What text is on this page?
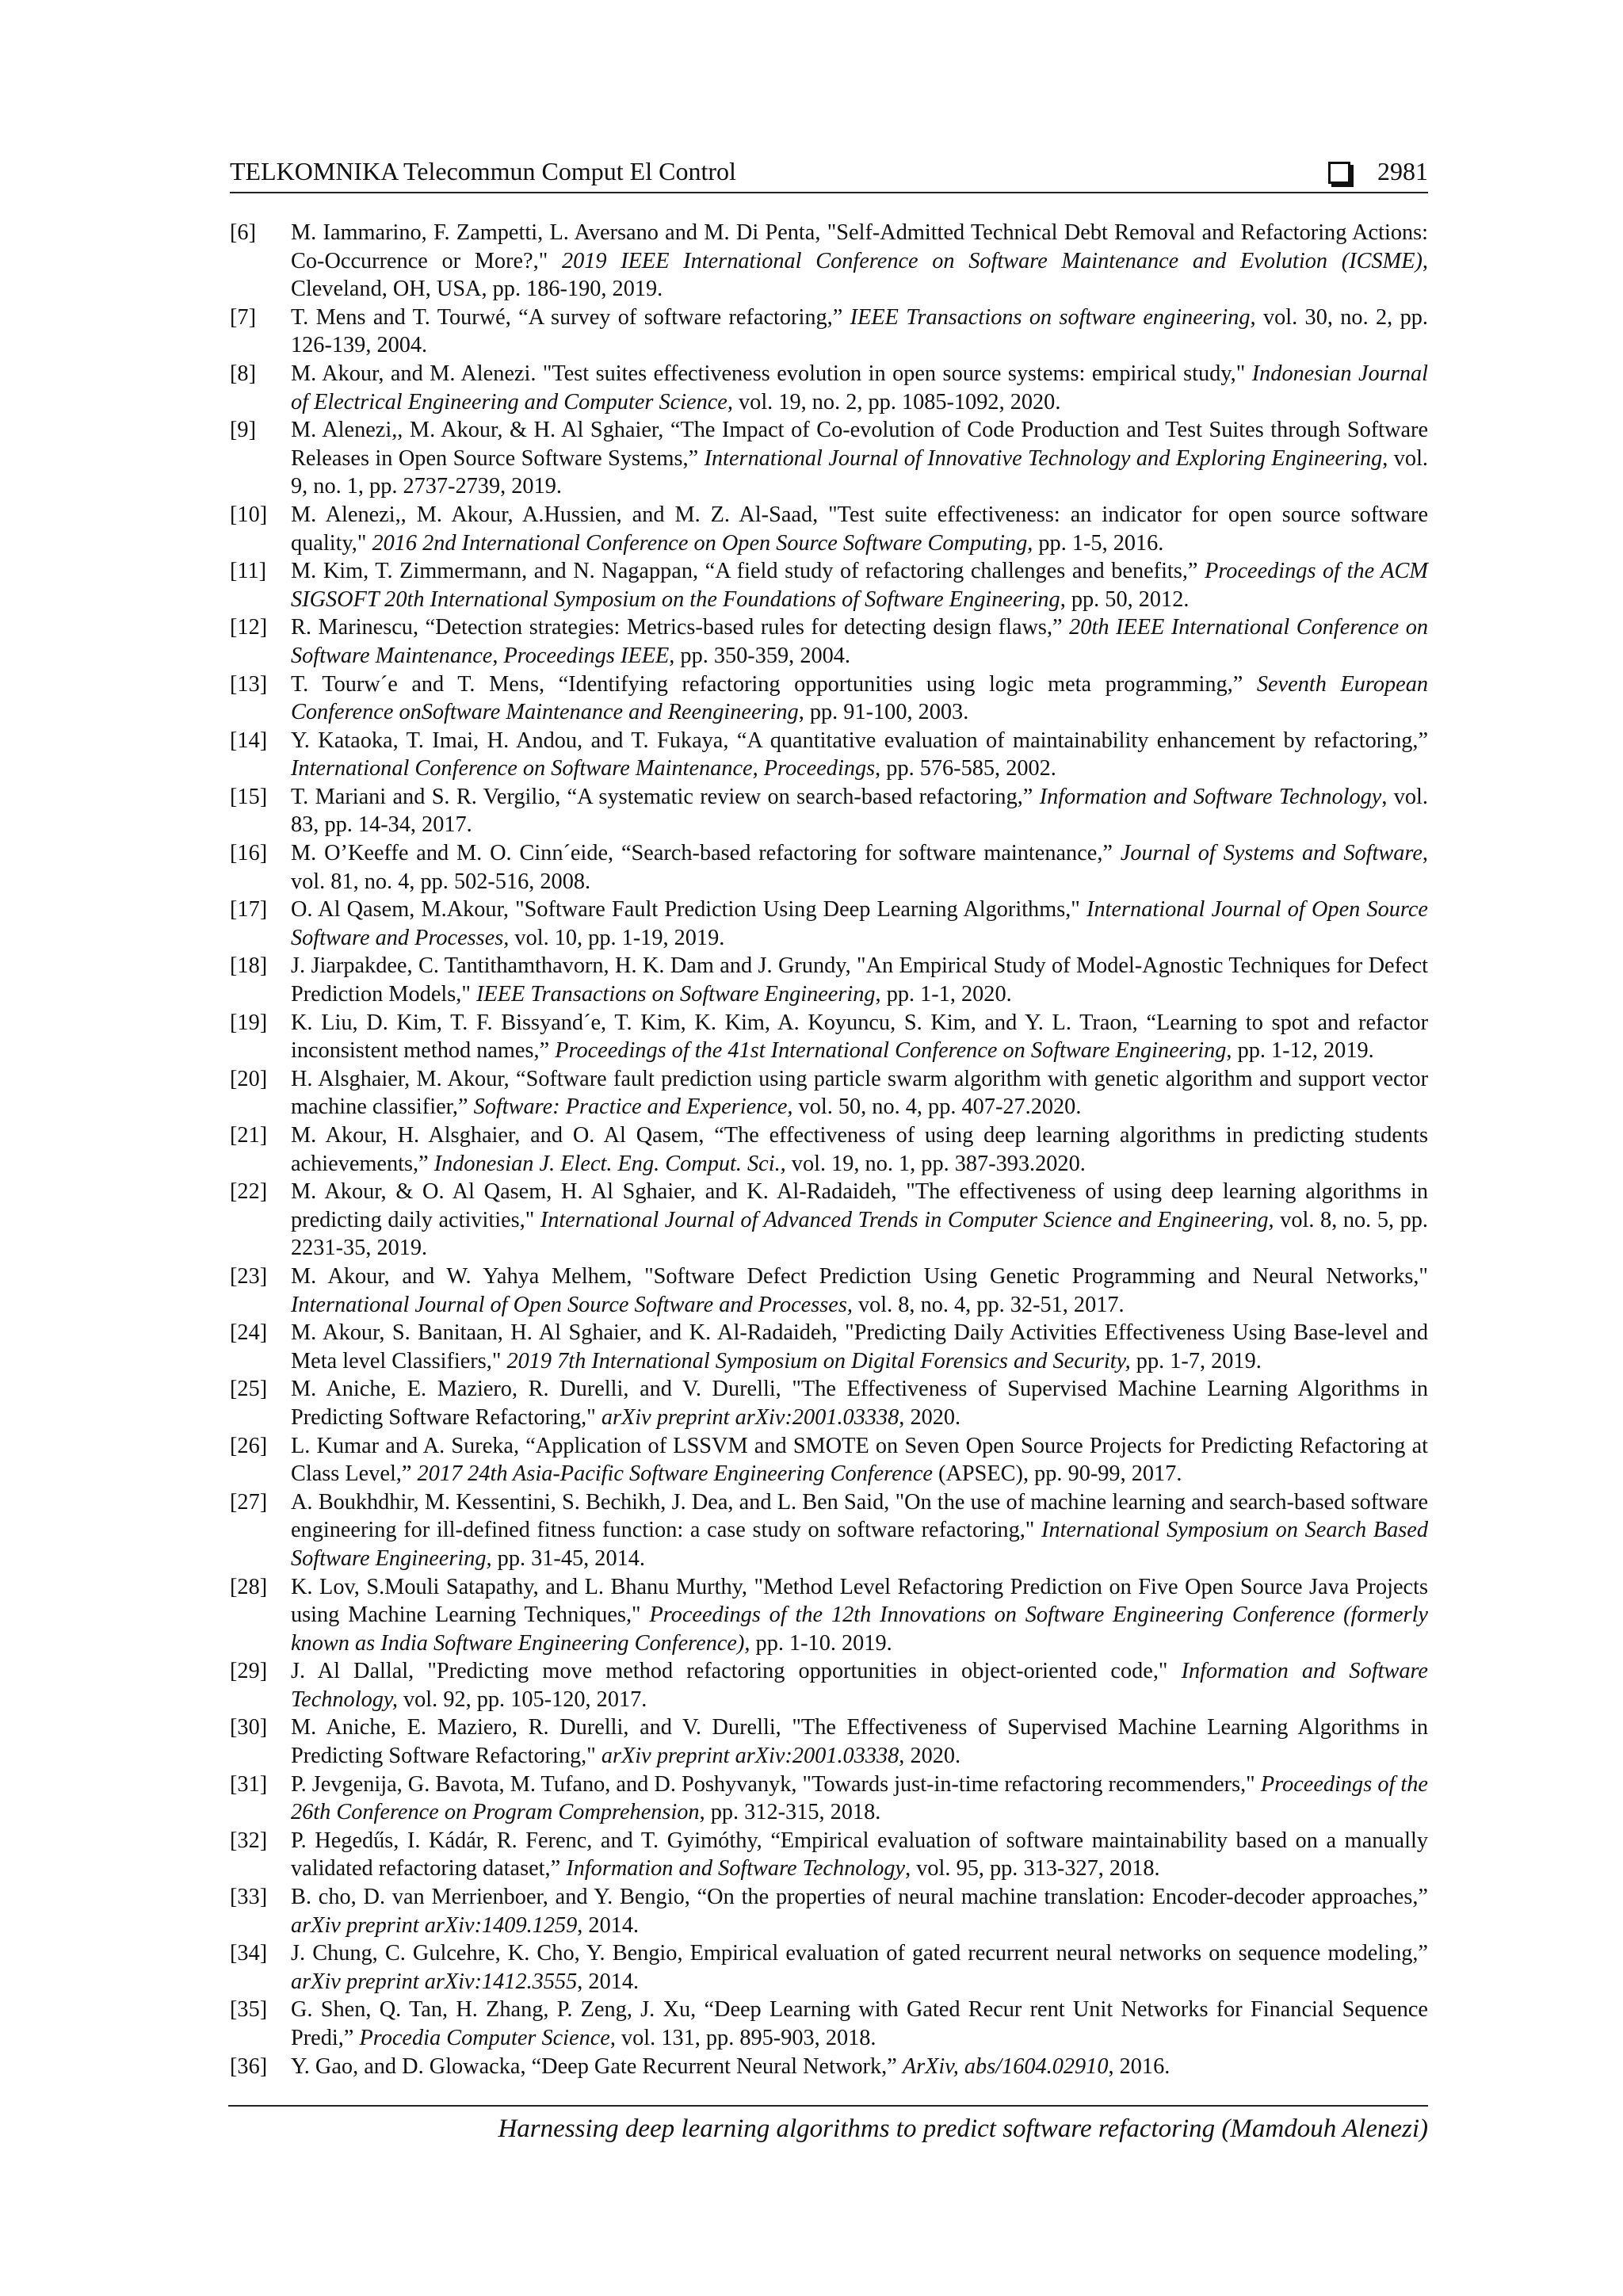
TELKOMNIKA Telecommun Comput El Control	2981
[6]	M. Iammarino, F. Zampetti, L. Aversano and M. Di Penta, "Self-Admitted Technical Debt Removal and Refactoring Actions: Co-Occurrence or More?," 2019 IEEE International Conference on Software Maintenance and Evolution (ICSME), Cleveland, OH, USA, pp. 186-190, 2019.
[7]	T. Mens and T. Tourwé, “A survey of software refactoring,” IEEE Transactions on software engineering, vol. 30, no. 2, pp. 126-139, 2004.
[8]	M. Akour, and M. Alenezi. "Test suites effectiveness evolution in open source systems: empirical study," Indonesian Journal of Electrical Engineering and Computer Science, vol. 19, no. 2, pp. 1085-1092, 2020.
[9]	M. Alenezi,, M. Akour, & H. Al Sghaier, “The Impact of Co-evolution of Code Production and Test Suites through Software Releases in Open Source Software Systems,” International Journal of Innovative Technology and Exploring Engineering, vol. 9, no. 1, pp. 2737-2739, 2019.
[10]	M. Alenezi,, M. Akour, A.Hussien, and M. Z. Al-Saad, "Test suite effectiveness: an indicator for open source software quality," 2016 2nd International Conference on Open Source Software Computing, pp. 1-5, 2016.
[11]	M. Kim, T. Zimmermann, and N. Nagappan, “A field study of refactoring challenges and benefits,” Proceedings of the ACM SIGSOFT 20th International Symposium on the Foundations of Software Engineering, pp. 50, 2012.
[12]	R. Marinescu, “Detection strategies: Metrics-based rules for detecting design flaws,” 20th IEEE International Conference on Software Maintenance, Proceedings IEEE, pp. 350-359, 2004.
[13]	T. Tourw´e and T. Mens, “Identifying refactoring opportunities using logic meta programming,” Seventh European Conference onSoftware Maintenance and Reengineering, pp. 91-100, 2003.
[14]	Y. Kataoka, T. Imai, H. Andou, and T. Fukaya, “A quantitative evaluation of maintainability enhancement by refactoring,” International Conference on Software Maintenance, Proceedings, pp. 576-585, 2002.
[15]	T. Mariani and S. R. Vergilio, “A systematic review on search-based refactoring,” Information and Software Technology, vol. 83, pp. 14-34, 2017.
[16]	M. O’Keeffe and M. O. Cinn´eide, “Search-based refactoring for software maintenance,” Journal of Systems and Software, vol. 81, no. 4, pp. 502-516, 2008.
[17]	O. Al Qasem, M.Akour, "Software Fault Prediction Using Deep Learning Algorithms," International Journal of Open Source Software and Processes, vol. 10, pp. 1-19, 2019.
[18]	J. Jiarpakdee, C. Tantithamthavorn, H. K. Dam and J. Grundy, "An Empirical Study of Model-Agnostic Techniques for Defect Prediction Models," IEEE Transactions on Software Engineering, pp. 1-1, 2020.
[19]	K. Liu, D. Kim, T. F. Bissyand´e, T. Kim, K. Kim, A. Koyuncu, S. Kim, and Y. L. Traon, “Learning to spot and refactor inconsistent method names,” Proceedings of the 41st International Conference on Software Engineering, pp. 1-12, 2019.
[20]	H. Alsghaier, M. Akour, “Software fault prediction using particle swarm algorithm with genetic algorithm and support vector machine classifier,” Software: Practice and Experience, vol. 50, no. 4, pp. 407-27.2020.
[21]	M. Akour, H. Alsghaier, and O. Al Qasem, “The effectiveness of using deep learning algorithms in predicting students achievements,” Indonesian J. Elect. Eng. Comput. Sci., vol. 19, no. 1, pp. 387-393.2020.
[22]	M. Akour, & O. Al Qasem, H. Al Sghaier, and K. Al-Radaideh, "The effectiveness of using deep learning algorithms in predicting daily activities," International Journal of Advanced Trends in Computer Science and Engineering, vol. 8, no. 5, pp. 2231-35, 2019.
[23]	M. Akour, and W. Yahya Melhem, "Software Defect Prediction Using Genetic Programming and Neural Networks," International Journal of Open Source Software and Processes, vol. 8, no. 4, pp. 32-51, 2017.
[24]	M. Akour, S. Banitaan, H. Al Sghaier, and K. Al-Radaideh, "Predicting Daily Activities Effectiveness Using Base-level and Meta level Classifiers," 2019 7th International Symposium on Digital Forensics and Security, pp. 1-7, 2019.
[25]	M. Aniche, E. Maziero, R. Durelli, and V. Durelli, "The Effectiveness of Supervised Machine Learning Algorithms in Predicting Software Refactoring," arXiv preprint arXiv:2001.03338, 2020.
[26]	L. Kumar and A. Sureka, “Application of LSSVM and SMOTE on Seven Open Source Projects for Predicting Refactoring at Class Level,” 2017 24th Asia-Pacific Software Engineering Conference (APSEC), pp. 90-99, 2017.
[27]	A. Boukhdhir, M. Kessentini, S. Bechikh, J. Dea, and L. Ben Said, "On the use of machine learning and search-based software engineering for ill-defined fitness function: a case study on software refactoring," International Symposium on Search Based Software Engineering, pp. 31-45, 2014.
[28]	K. Lov, S.Mouli Satapathy, and L. Bhanu Murthy, "Method Level Refactoring Prediction on Five Open Source Java Projects using Machine Learning Techniques," Proceedings of the 12th Innovations on Software Engineering Conference (formerly known as India Software Engineering Conference), pp. 1-10. 2019.
[29]	J. Al Dallal, "Predicting move method refactoring opportunities in object-oriented code," Information and Software Technology, vol. 92, pp. 105-120, 2017.
[30]	M. Aniche, E. Maziero, R. Durelli, and V. Durelli, "The Effectiveness of Supervised Machine Learning Algorithms in Predicting Software Refactoring," arXiv preprint arXiv:2001.03338, 2020.
[31]	P. Jevgenija, G. Bavota, M. Tufano, and D. Poshyvanyk, "Towards just-in-time refactoring recommenders," Proceedings of the 26th Conference on Program Comprehension, pp. 312-315, 2018.
[32]	P. Hegedűs, I. Kádár, R. Ferenc, and T. Gyimóthy, “Empirical evaluation of software maintainability based on a manually validated refactoring dataset,” Information and Software Technology, vol. 95, pp. 313-327, 2018.
[33]	B. cho, D. van Merrienboer, and Y. Bengio, “On the properties of neural machine translation: Encoder-decoder approaches,” arXiv preprint arXiv:1409.1259, 2014.
[34]	J. Chung, C. Gulcehre, K. Cho, Y. Bengio, Empirical evaluation of gated recurrent neural networks on sequence modeling,” arXiv preprint arXiv:1412.3555, 2014.
[35]	G. Shen, Q. Tan, H. Zhang, P. Zeng, J. Xu, “Deep Learning with Gated Recur rent Unit Networks for Financial Sequence Predi,” Procedia Computer Science, vol. 131, pp. 895-903, 2018.
[36]	Y. Gao, and D. Glowacka, “Deep Gate Recurrent Neural Network,” ArXiv, abs/1604.02910, 2016.
Harnessing deep learning algorithms to predict software refactoring (Mamdouh Alenezi)
